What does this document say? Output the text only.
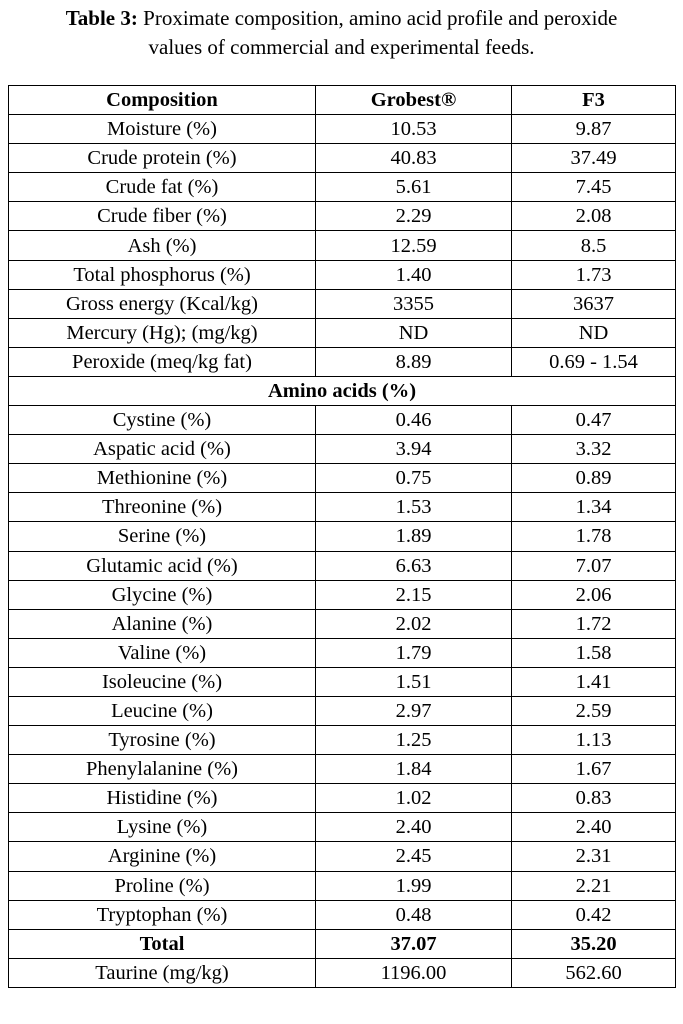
Table 3: Proximate composition, amino acid profile and peroxide
values of commercial and experimental feeds.
Composition	Grobest®	F3
Moisture (%)	10.53	9.87
Crude protein (%)	40.83	37.49
Crude fat (%)	5.61	7.45
Crude fiber (%)	2.29	2.08
Ash (%)	12.59	8.5
Total phosphorus (%)	1.40	1.73
Gross energy (Kcal/kg)	3355	3637
Mercury (Hg); (mg/kg)	ND	ND
Peroxide (meq/kg fat)	8.89	0.69 - 1.54
Amino acids (%)		
Cystine (%)	0.46	0.47
Aspatic acid (%)	3.94	3.32
Methionine (%)	0.75	0.89
Threonine (%)	1.53	1.34
Serine (%)	1.89	1.78
Glutamic acid (%)	6.63	7.07
Glycine (%)	2.15	2.06
Alanine (%)	2.02	1.72
Valine (%)	1.79	1.58
Isoleucine (%)	1.51	1.41
Leucine (%)	2.97	2.59
Tyrosine (%)	1.25	1.13
Phenylalanine (%)	1.84	1.67
Histidine (%)	1.02	0.83
Lysine (%)	2.40	2.40
Arginine (%)	2.45	2.31
Proline (%)	1.99	2.21
Tryptophan (%)	0.48	0.42
Total	37.07	35.20
Taurine (mg/kg)	1196.00	562.60
